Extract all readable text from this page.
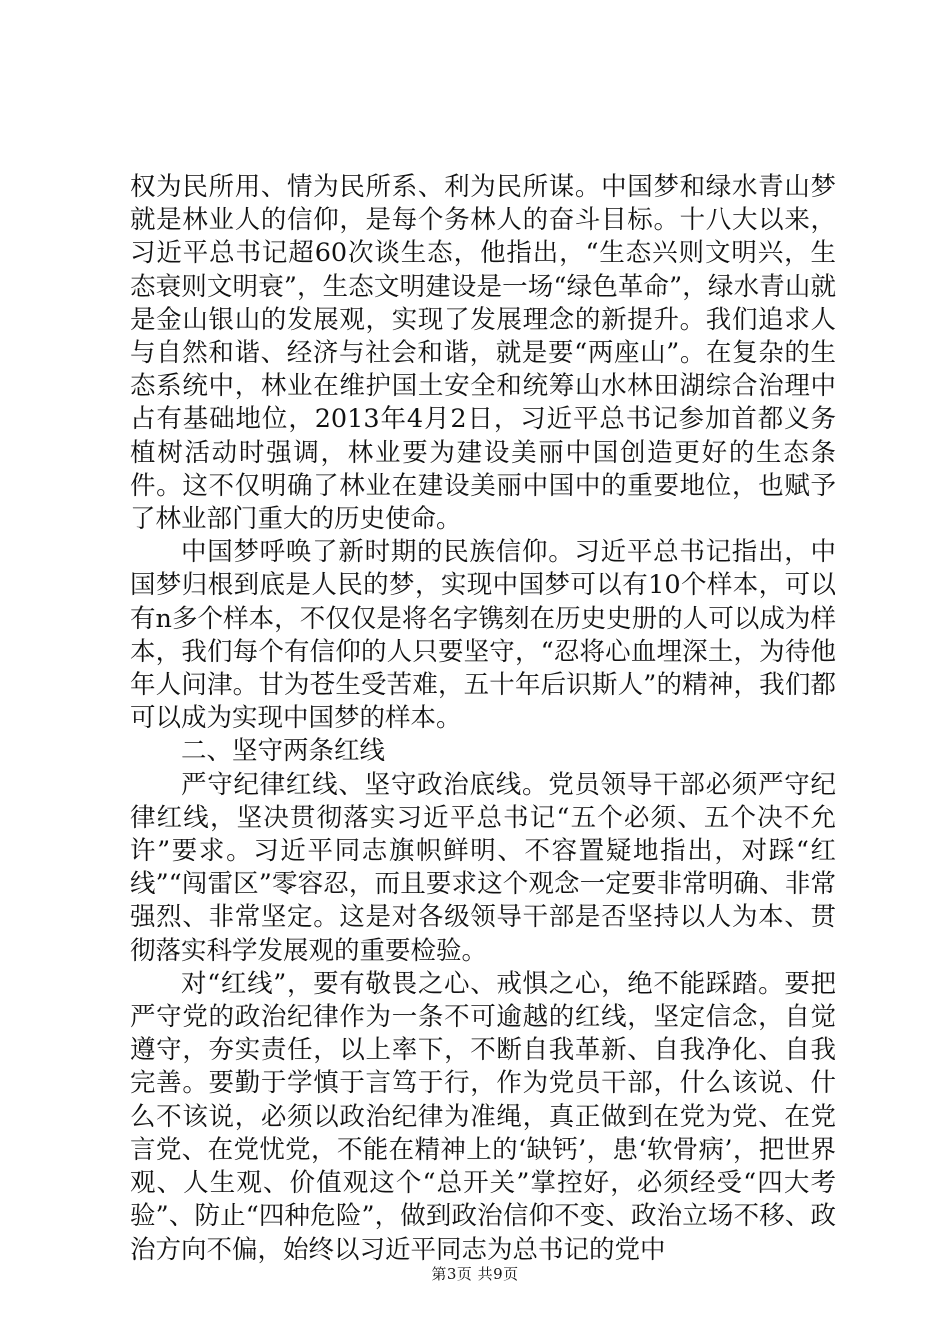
权为民所用、情为民所系、利为民所谋。中国梦和绿水青山梦就是林业人的信仰，是每个务林人的奋斗目标。十八大以来，习近平总书记超60次谈生态，他指出，“生态兴则文明兴，生态衰则文明衰”，生态文明建设是一场“绿色革命”，绿水青山就是金山银山的发展观，实现了发展理念的新提升。我们追求人与自然和谐、经济与社会和谐，就是要“两座山”。在复杂的生态系统中，林业在维护国土安全和统筹山水林田湖综合治理中占有基础地位，2013年4月2日，习近平总书记参加首都义务植树活动时强调，林业要为建设美丽中国创造更好的生态条件。这不仅明确了林业在建设美丽中国中的重要地位，也赋予了林业部门重大的历史使命。

中国梦呼唤了新时期的民族信仰。习近平总书记指出，中国梦归根到底是人民的梦，实现中国梦可以有10个样本，可以有n多个样本，不仅仅是将名字镌刻在历史史册的人可以成为样本，我们每个有信仰的人只要坚守，“忍将心血埋深土，为待他年人问津。甘为苍生受苦难，五十年后识斯人”的精神，我们都可以成为实现中国梦的样本。

二、坚守两条红线

严守纪律红线、坚守政治底线。党员领导干部必须严守纪律红线，坚决贯彻落实习近平总书记“五个必须、五个决不允许”要求。习近平同志旗帜鲜明、不容置疑地指出，对踩“红线”“闯雷区”零容忍，而且要求这个观念一定要非常明确、非常强烈、非常坚定。这是对各级领导干部是否坚持以人为本、贯彻落实科学发展观的重要检验。

对“红线”，要有敬畏之心、戒惧之心，绝不能踩踏。要把严守党的政治纪律作为一条不可逾越的红线，坚定信念，自觉遵守，夯实责任，以上率下，不断自我革新、自我净化、自我完善。要勤于学慎于言笃于行，作为党员干部，什么该说、什么不该说，必须以政治纪律为准绳，真正做到在党为党、在党言党、在党忧党，不能在精神上的‘缺钙’，患‘软骨病’，把世界观、人生观、价值观这个“总开关”掌控好，必须经受“四大考验”、防止“四种危险”，做到政治信仰不变、政治立场不移、政治方向不偏，始终以习近平同志为总书记的党中

第3页 共9页
